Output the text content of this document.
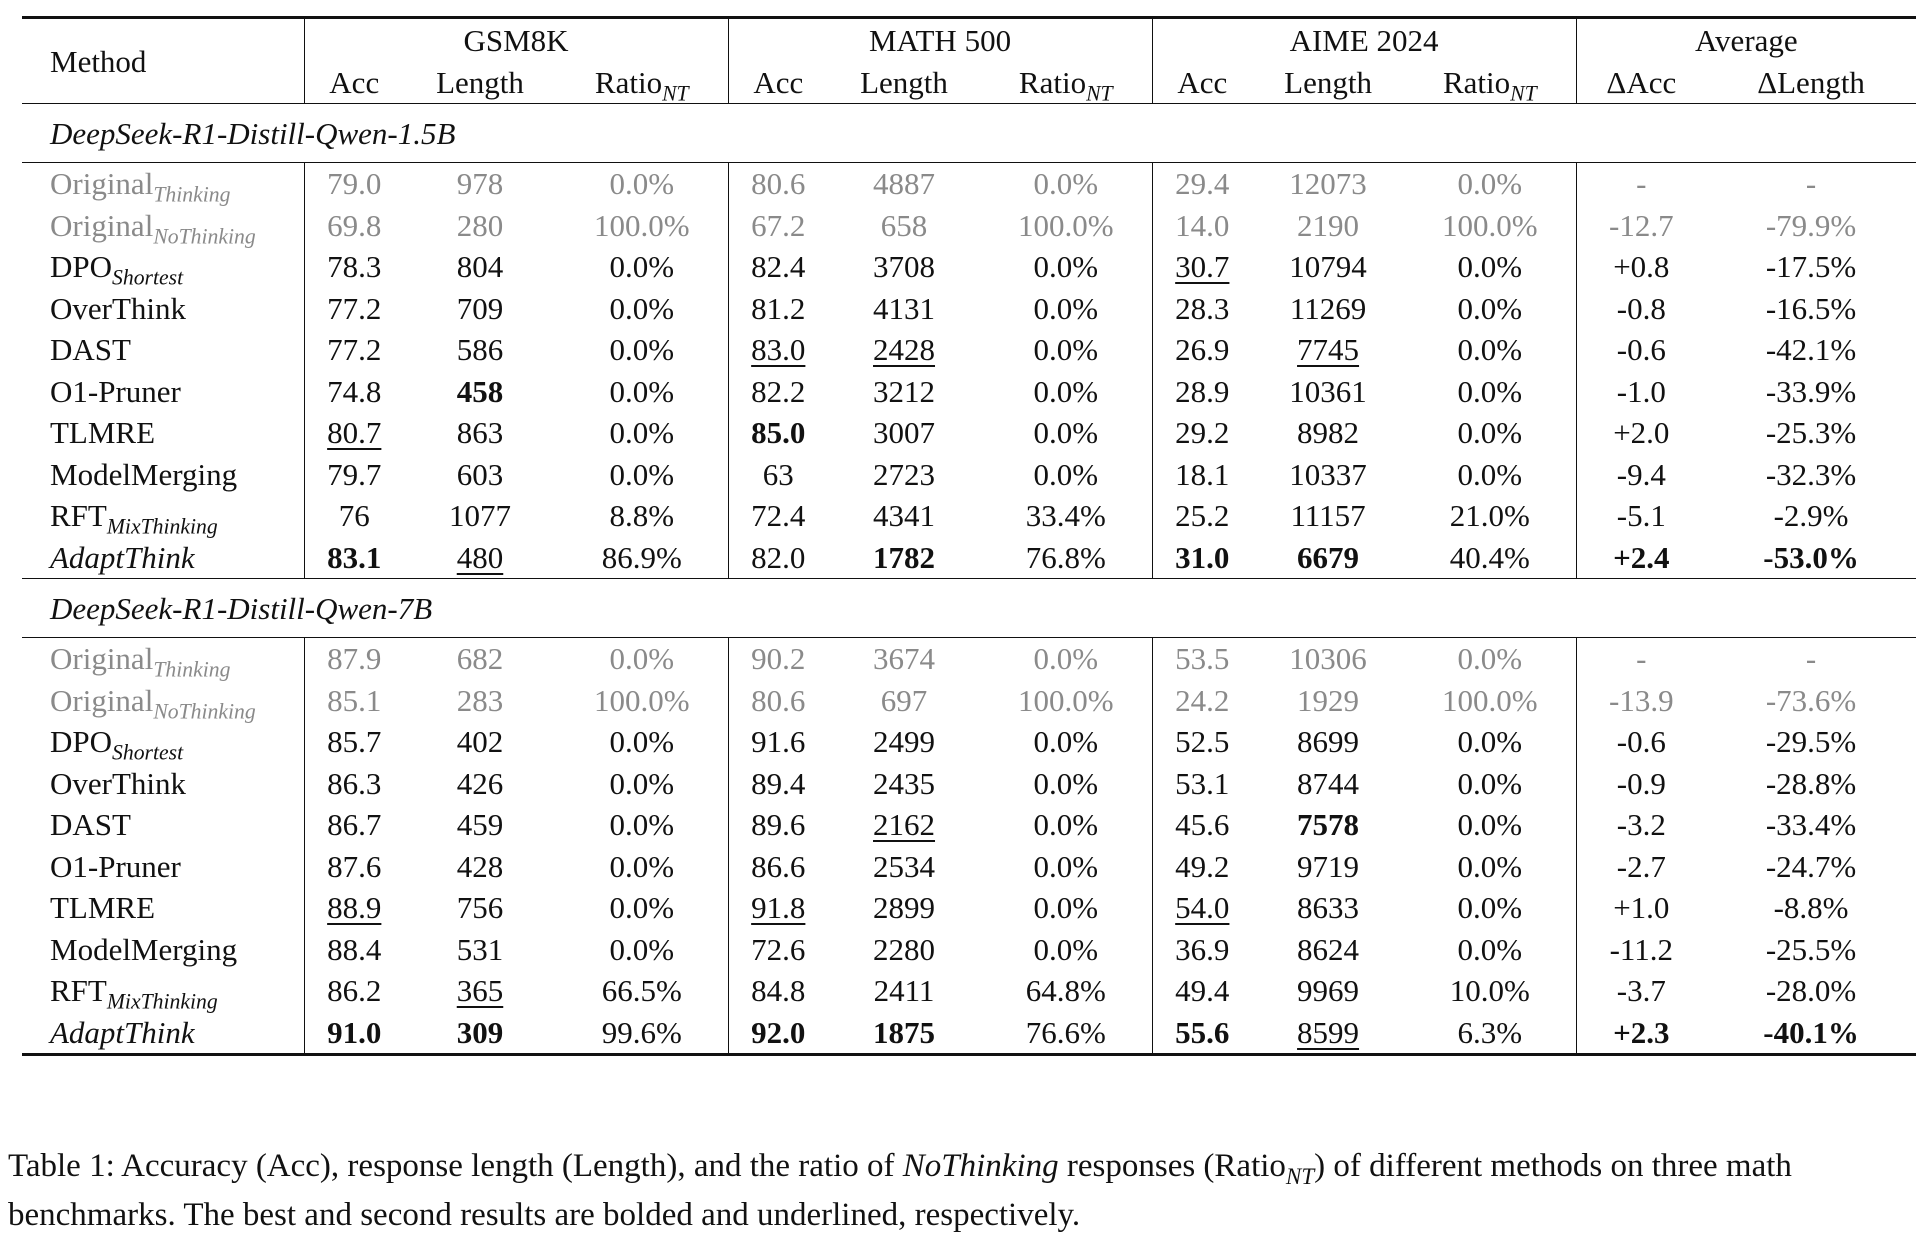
Method	GSM8K			MATH 500			AIME 2024			Average	
	Acc	Length	Ratio$_{NT}$	Acc	Length	Ratio$_{NT}$	Acc	Length	Ratio$_{NT}$	ΔAcc	ΔLength
DeepSeek-R1-Distill-Qwen-1.5B											
Original$_{Thinking}$	79.0	978	0.0%	80.6	4887	0.0%	29.4	12073	0.0%	-	-
Original$_{NoThinking}$	69.8	280	100.0%	67.2	658	100.0%	14.0	2190	100.0%	-12.7	-79.9%
$DPO_{Shortest}$	78.3	804	0.0%	82.4	3708	0.0%	30.7	10794	0.0%	+0.8	-17.5%
OverThink	77.2	709	0.0%	81.2	4131	0.0%	28.3	11269	0.0%	-0.8	-16.5%
DAST	77.2	586	0.0%	83.0	2428	0.0%	26.9	7745	0.0%	-0.6	-42.1%
O1-Pruner	74.8	458	0.0%	82.2	3212	0.0%	28.9	10361	0.0%	-1.0	-33.9%
TLMRE	80.7	863	0.0%	85.0	3007	0.0%	29.2	8982	0.0%	+2.0	-25.3%
ModelMerging	79.7	603	0.0%	63	2723	0.0%	18.1	10337	0.0%	-9.4	-32.3%
$RFT_{MixThinking}$	76	1077	8.8%	72.4	4341	33.4%	25.2	11157	21.0%	-5.1	-2.9%
AdaptThink	83.1	480	86.9%	82.0	1782	76.8%	31.0	6679	40.4%	+2.4	-53.0%
DeepSeek-R1-Distill-Qwen-7B											
Original$_{Thinking}$	87.9	682	0.0%	90.2	3674	0.0%	53.5	10306	0.0%	-	-
Original$_{NoThinking}$	85.1	283	100.0%	80.6	697	100.0%	24.2	1929	100.0%	-13.9	-73.6%
$DPO_{Shortest}$	85.7	402	0.0%	91.6	2499	0.0%	52.5	8699	0.0%	-0.6	-29.5%
OverThink	86.3	426	0.0%	89.4	2435	0.0%	53.1	8744	0.0%	-0.9	-28.8%
DAST	86.7	459	0.0%	89.6	2162	0.0%	45.6	7578	0.0%	-3.2	-33.4%
O1-Pruner	87.6	428	0.0%	86.6	2534	0.0%	49.2	9719	0.0%	-2.7	-24.7%
TLMRE	88.9	756	0.0%	91.8	2899	0.0%	54.0	8633	0.0%	+1.0	-8.8%
ModelMerging	88.4	531	0.0%	72.6	2280	0.0%	36.9	8624	0.0%	-11.2	-25.5%
$RFT_{MixThinking}$	86.2	365	66.5%	84.8	2411	64.8%	49.4	9969	10.0%	-3.7	-28.0%
AdaptThink	91.0	309	99.6%	92.0	1875	76.6%	55.6	8599	6.3%	+2.3	-40.1%
Table 1: Accuracy (Acc), response length (Length), and the ratio of NoThinking responses (Ratio$_{NT}$) of different methods on three math benchmarks. The best and second results are bolded and underlined, respectively.
